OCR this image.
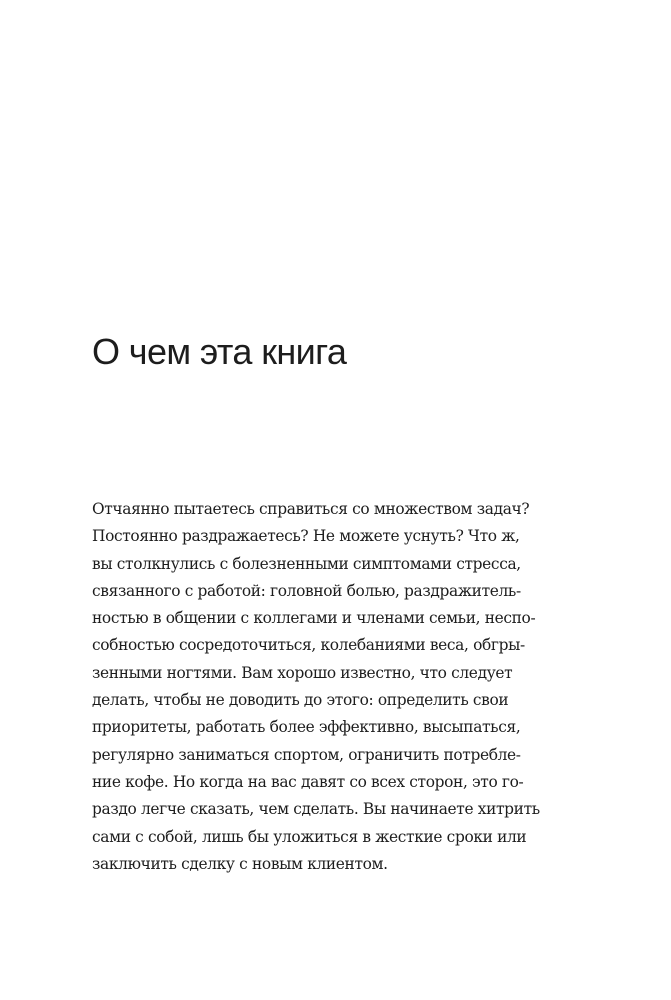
О чем эта книга
Отчаянно пытаетесь справиться со множеством задач?
Постоянно раздражаетесь? Не можете уснуть? Что ж,
вы столкнулись с болезненными симптомами стресса,
связанного с работой: головной болью, раздражитель-
ностью в общении с коллегами и членами семьи, неспо-
собностью сосредоточиться, колебаниями веса, обгры-
зенными ногтями. Вам хорошо известно, что следует
делать, чтобы не доводить до этого: определить свои
приоритеты, работать более эффективно, высыпаться,
регулярно заниматься спортом, ограничить потребле-
ние кофе. Но когда на вас давят со всех сторон, это го-
раздо легче сказать, чем сделать. Вы начинаете хитрить
сами с собой, лишь бы уложиться в жесткие сроки или
заключить сделку с новым клиентом.
